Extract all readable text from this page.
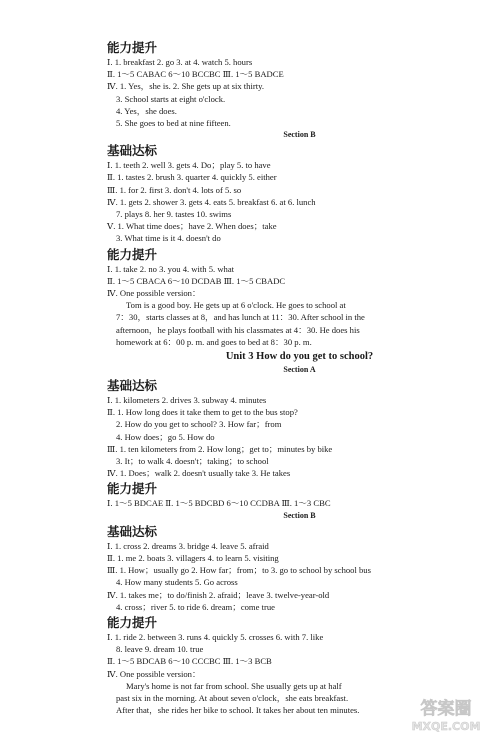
能力提升
Ⅰ. 1. breakfast 2. go 3. at 4. watch 5. hours
Ⅱ. 1～5 CABAC 6～10 BCCBC Ⅲ. 1～5 BADCE
Ⅳ. 1. Yes，she is. 2. She gets up at six thirty.
3. School starts at eight o'clock.
4. Yes，she does.
5. She goes to bed at nine fifteen.
Section B
基础达标
Ⅰ. 1. teeth 2. well 3. gets 4. Do；play 5. to have
Ⅱ. 1. tastes 2. brush 3. quarter 4. quickly 5. either
Ⅲ. 1. for 2. first 3. don't 4. lots of 5. so
Ⅳ. 1. gets 2. shower 3. gets 4. eats 5. breakfast 6. at 6. lunch
7. plays 8. her 9. tastes 10. swims
Ⅴ. 1. What time does；have 2. When does；take
3. What time is it 4. doesn't do
能力提升
Ⅰ. 1. take 2. no 3. you 4. with 5. what
Ⅱ. 1～5 CBACA 6～10 DCDAB Ⅲ. 1～5 CBADC
Ⅳ. One possible version：
Tom is a good boy. He gets up at 6 o'clock. He goes to school at
7：30，starts classes at 8，and has lunch at 11：30. After school in the
afternoon，he plays football with his classmates at 4：30. He does his
homework at 6：00 p. m. and goes to bed at 8：30 p. m.
Unit 3 How do you get to school?
Section A
基础达标
Ⅰ. 1. kilometers 2. drives 3. subway 4. minutes
Ⅱ. 1. How long does it take them to get to the bus stop?
2. How do you get to school? 3. How far；from
4. How does；go 5. How do
Ⅲ. 1. ten kilometers from 2. How long；get to；minutes by bike
3. It；to walk 4. doesn't；taking；to school
Ⅳ. 1. Does；walk 2. doesn't usually take 3. He takes
能力提升
Ⅰ. 1～5 BDCAE Ⅱ. 1～5 BDCBD 6～10 CCDBA Ⅲ. 1～3 CBC
Section B
基础达标
Ⅰ. 1. cross 2. dreams 3. bridge 4. leave 5. afraid
Ⅱ. 1. me 2. boats 3. villagers 4. to learn 5. visiting
Ⅲ. 1. How；usually go 2. How far；from；to 3. go to school by school bus
4. How many students 5. Go across
Ⅳ. 1. takes me；to do/finish 2. afraid；leave 3. twelve-year-old
4. cross；river 5. to ride 6. dream；come true
能力提升
Ⅰ. 1. ride 2. between 3. runs 4. quickly 5. crosses 6. with 7. like
8. leave 9. dream 10. true
Ⅱ. 1～5 BDCAB 6～10 CCCBC Ⅲ. 1～3 BCB
Ⅳ. One possible version：
Mary's home is not far from school. She usually gets up at half
past six in the morning. At about seven o'clock，she eats breakfast.
After that，she rides her bike to school. It takes her about ten minutes.	答案圈
MXQE.COM
